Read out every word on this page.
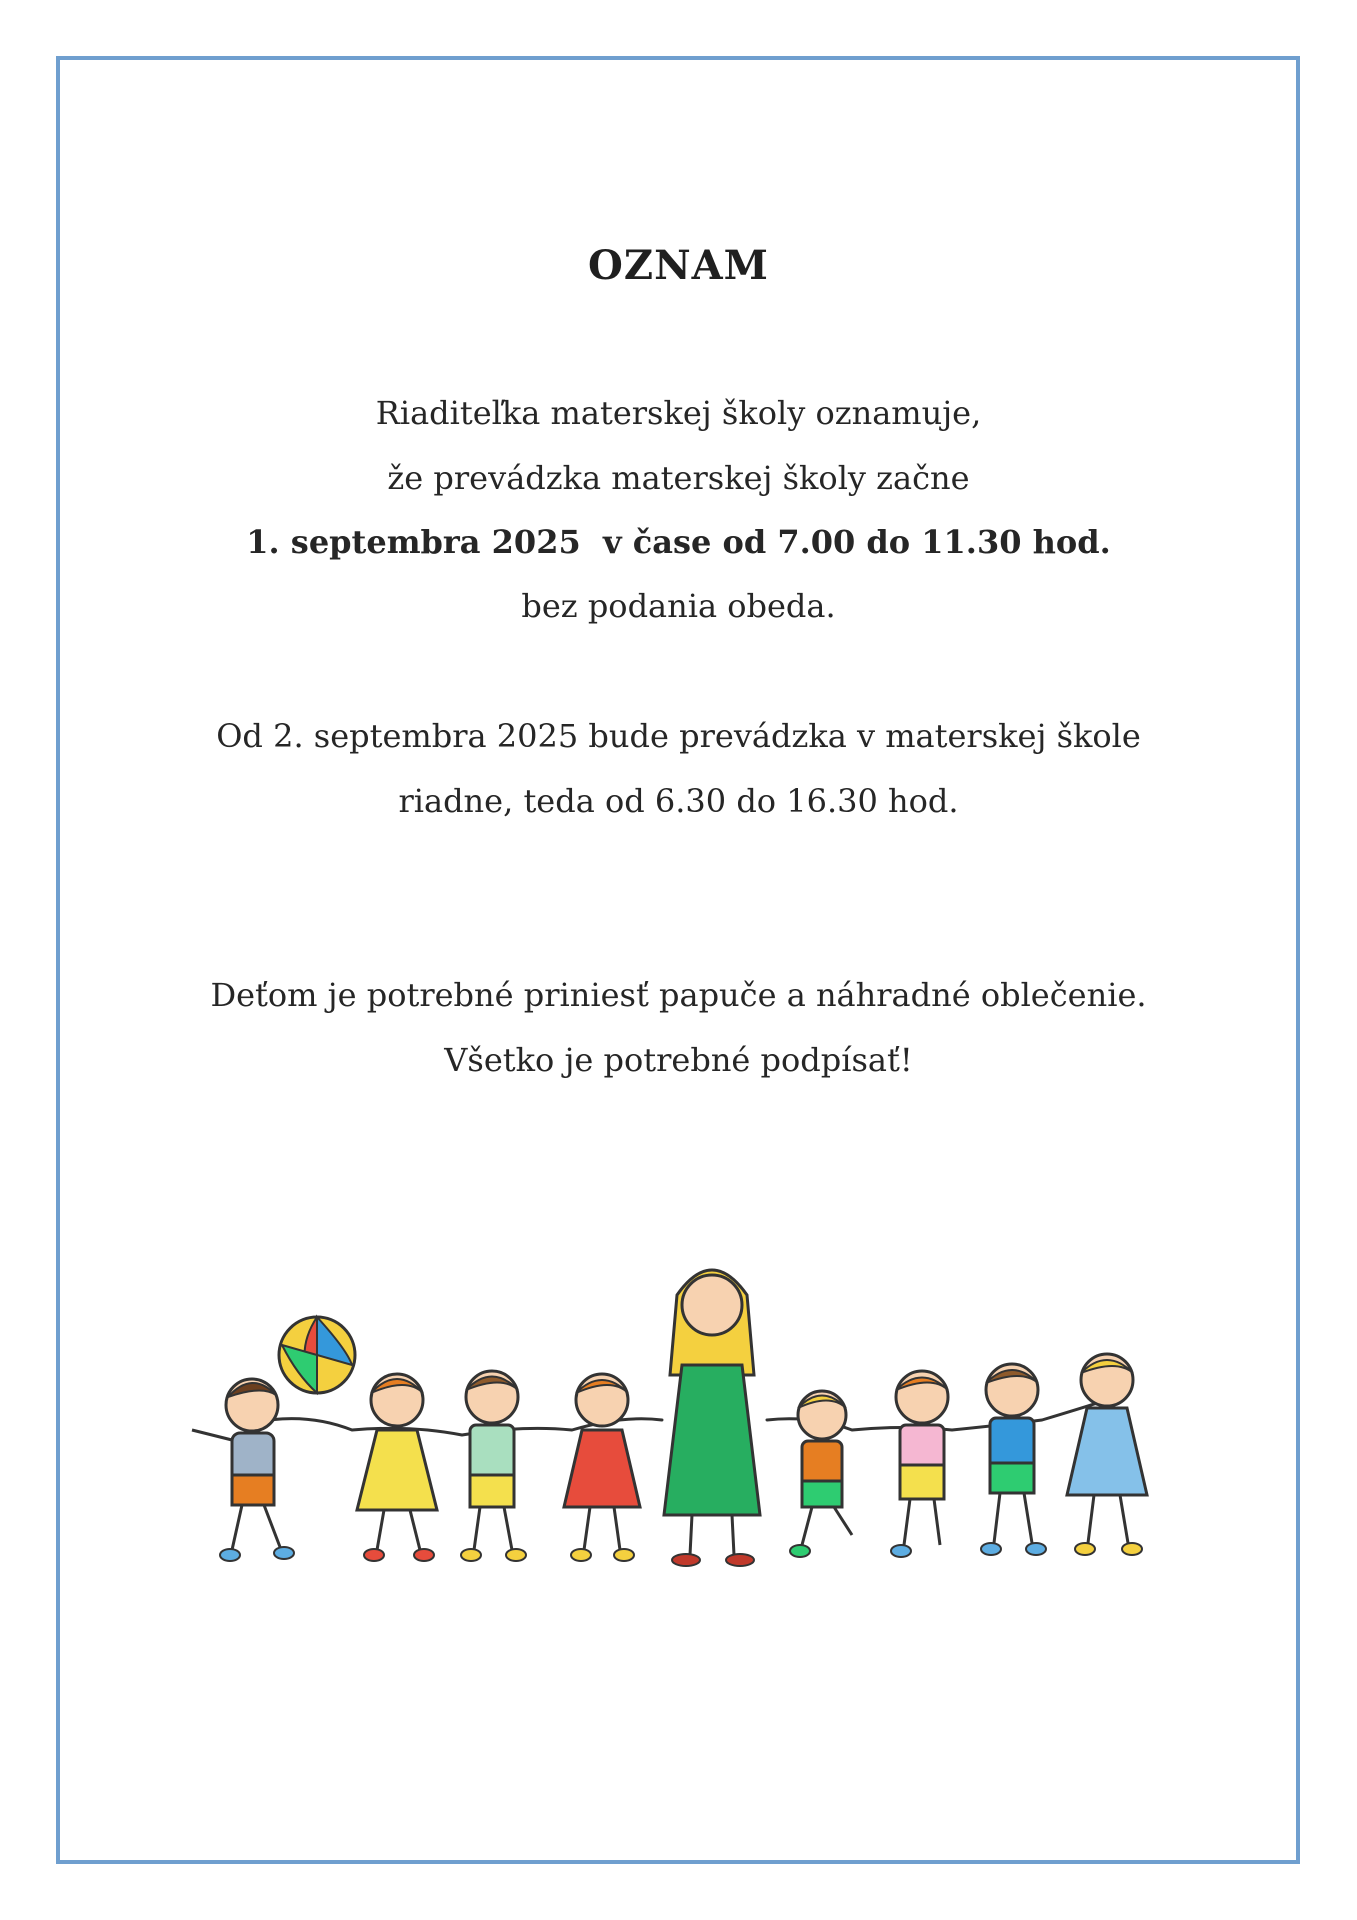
OZNAM
Riaditeľka materskej školy oznamuje,
že prevádzka materskej školy začne
1. septembra 2025  v čase od 7.00 do 11.30 hod.
bez podania obeda.
Od 2. septembra 2025 bude prevádzka v materskej škole
riadne, teda od 6.30 do 16.30 hod.
Deťom je potrebné priniesť papuče a náhradné oblečenie.
Všetko je potrebné podpísať!
